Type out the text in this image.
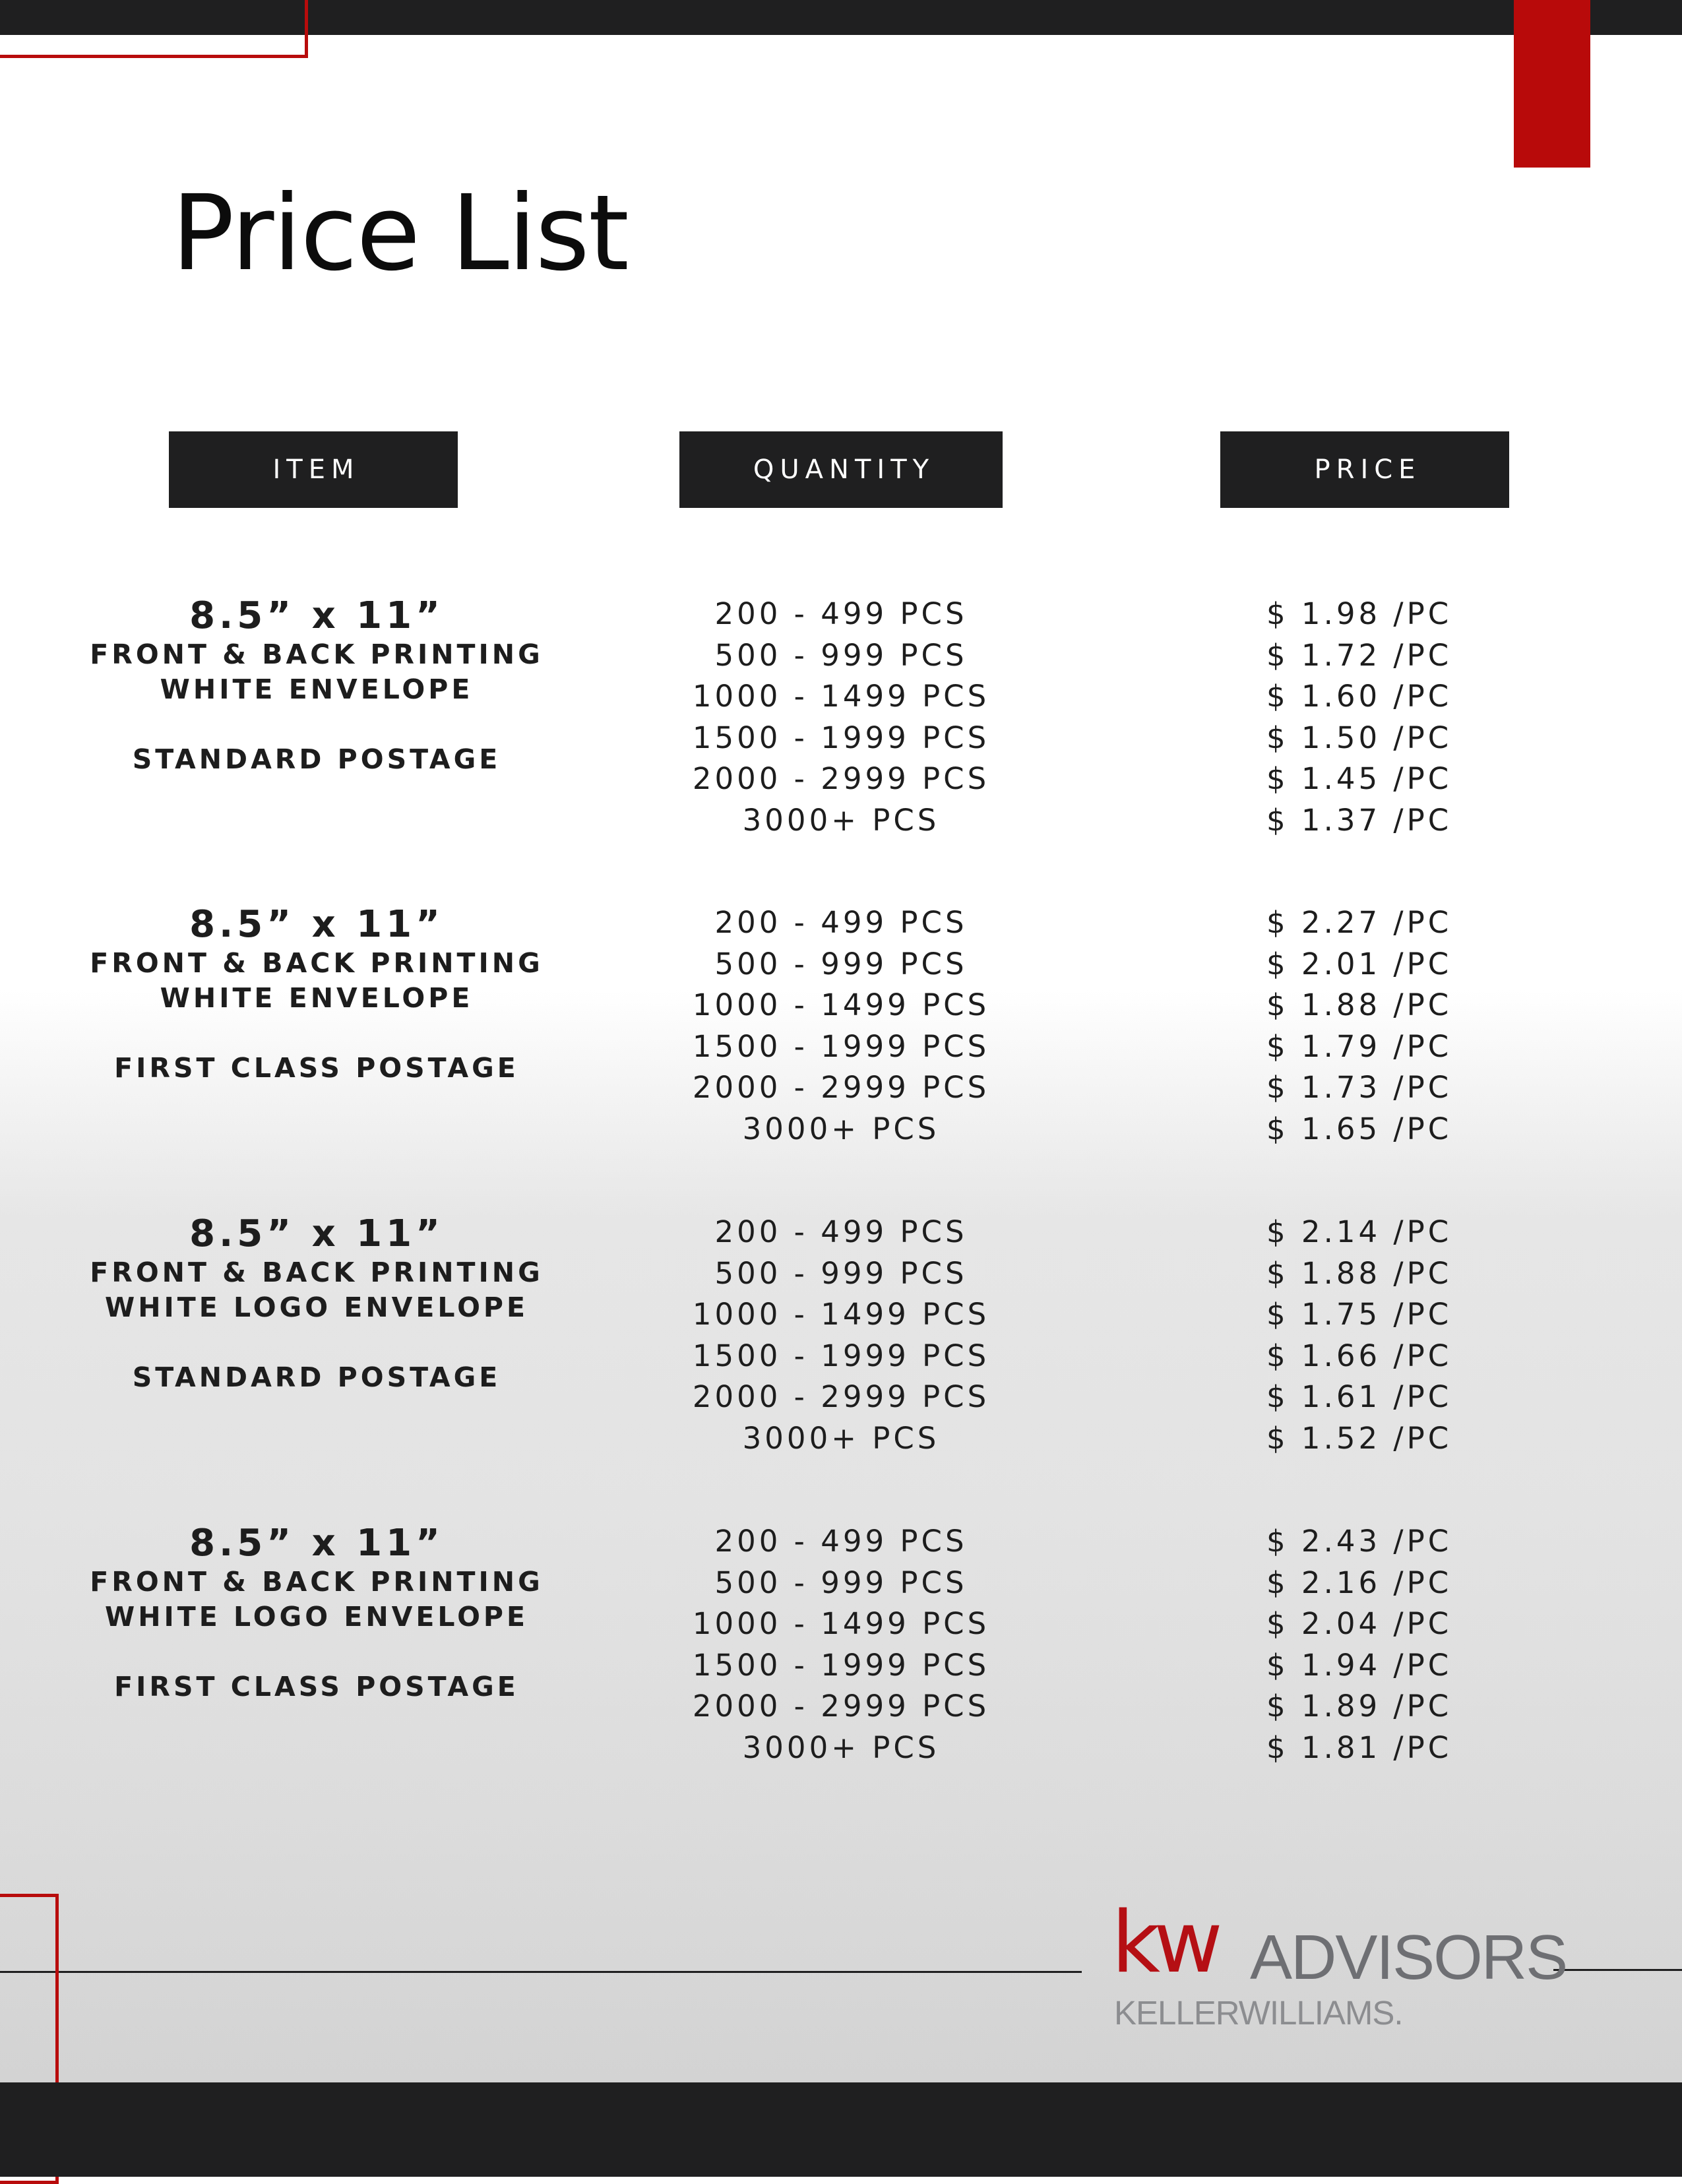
Price List
ITEM	QUANTITY	PRICE
8.5” x 11”
FRONT & BACK PRINTING
WHITE ENVELOPE
STANDARD POSTAGE
200 - 499 PCS
500 - 999 PCS
1000 - 1499 PCS
1500 - 1999 PCS
2000 - 2999 PCS
3000+ PCS
$ 1.98 /PC
$ 1.72 /PC
$ 1.60 /PC
$ 1.50 /PC
$ 1.45 /PC
$ 1.37 /PC
8.5” x 11”
FRONT & BACK PRINTING
WHITE ENVELOPE
FIRST CLASS POSTAGE
200 - 499 PCS
500 - 999 PCS
1000 - 1499 PCS
1500 - 1999 PCS
2000 - 2999 PCS
3000+ PCS
$ 2.27 /PC
$ 2.01 /PC
$ 1.88 /PC
$ 1.79 /PC
$ 1.73 /PC
$ 1.65 /PC
8.5” x 11”
FRONT & BACK PRINTING
WHITE LOGO ENVELOPE
STANDARD POSTAGE
200 - 499 PCS
500 - 999 PCS
1000 - 1499 PCS
1500 - 1999 PCS
2000 - 2999 PCS
3000+ PCS
$ 2.14 /PC
$ 1.88 /PC
$ 1.75 /PC
$ 1.66 /PC
$ 1.61 /PC
$ 1.52 /PC
8.5” x 11”
FRONT & BACK PRINTING
WHITE LOGO ENVELOPE
FIRST CLASS POSTAGE
200 - 499 PCS
500 - 999 PCS
1000 - 1499 PCS
1500 - 1999 PCS
2000 - 2999 PCS
3000+ PCS
$ 2.43 /PC
$ 2.16 /PC
$ 2.04 /PC
$ 1.94 /PC
$ 1.89 /PC
$ 1.81 /PC
kw ADVISORS
KELLERWILLIAMS.
